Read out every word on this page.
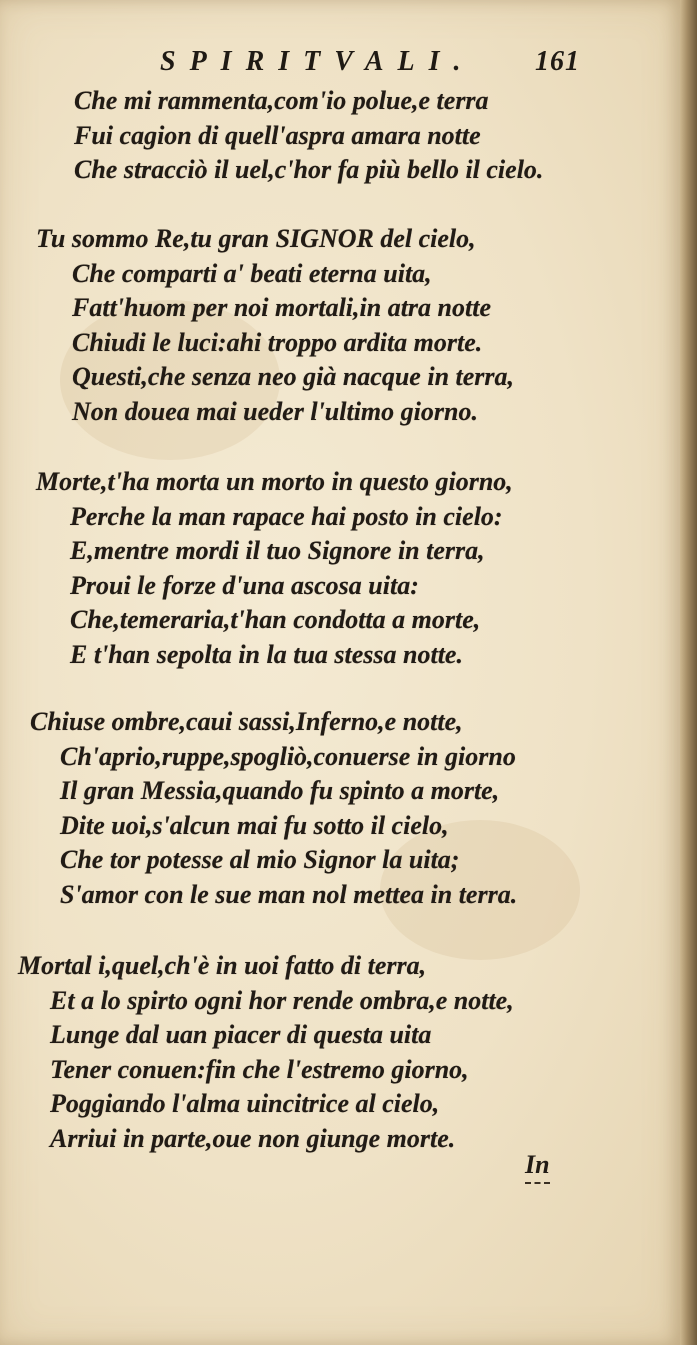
SPIRITVALI. 161
Che mi rammenta,com'io polue,e terra
Fui cagion di quell'aspra amara notte
Che stracciò il uel,c'hor fa più bello il cielo.
Tu sommo Re,tu gran SIGNOR del cielo,
Che comparti a' beati eterna uita,
Fatt'huom per noi mortali,in atra notte
Chiudi le luci:ahi troppo ardita morte.
Questi,che senza neo già nacque in terra,
Non douea mai ueder l'ultimo giorno.
Morte,t'ha morta un morto in questo giorno,
Perche la man rapace hai posto in cielo:
E,mentre mordi il tuo Signore in terra,
Proui le forze d'una ascosa uita:
Che,temeraria,t'han condotta a morte,
E t'han sepolta in la tua stessa notte.
Chiuse ombre,caui sassi,Inferno,e notte,
Ch'aprio,ruppe,spogliò,conuerse in giorno
Il gran Messia,quando fu spinto a morte,
Dite uoi,s'alcun mai fu sotto il cielo,
Che tor potesse al mio Signor la uita;
S'amor con le sue man nol mettea in terra.
Mortal i,quel,ch'è in uoi fatto di terra,
Et a lo spirto ogni hor rende ombra,e notte,
Lunge dal uan piacer di questa uita
Tener conuen:fin che l'estremo giorno,
Poggiando l'alma uincitrice al cielo,
Arriui in parte,oue non giunge morte.
In
